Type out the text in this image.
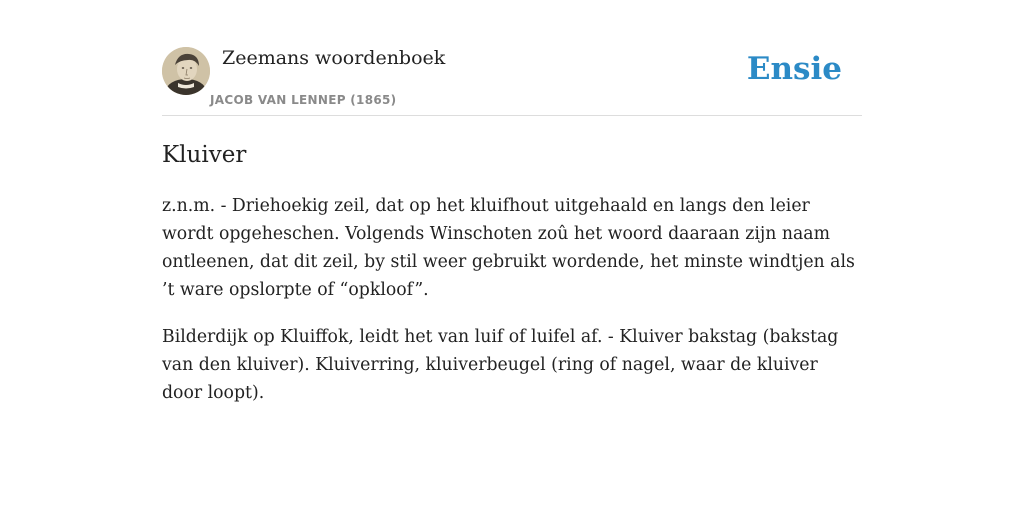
Zeemans woordenboek
JACOB VAN LENNEP (1865)
Ensie
Kluiver

z.n.m. - Driehoekig zeil, dat op het kluifhout uitgehaald en langs den leier wordt opgeheschen. Volgends Winschoten zoû het woord daaraan zijn naam ontleenen, dat dit zeil, by stil weer gebruikt wordende, het minste windtjen als ’t ware opslorpte of “opkloof”.

Bilderdijk op Kluiffok, leidt het van luif of luifel af. - Kluiver bakstag (bakstag van den kluiver). Kluiverring, kluiverbeugel (ring of nagel, waar de kluiver door loopt).
